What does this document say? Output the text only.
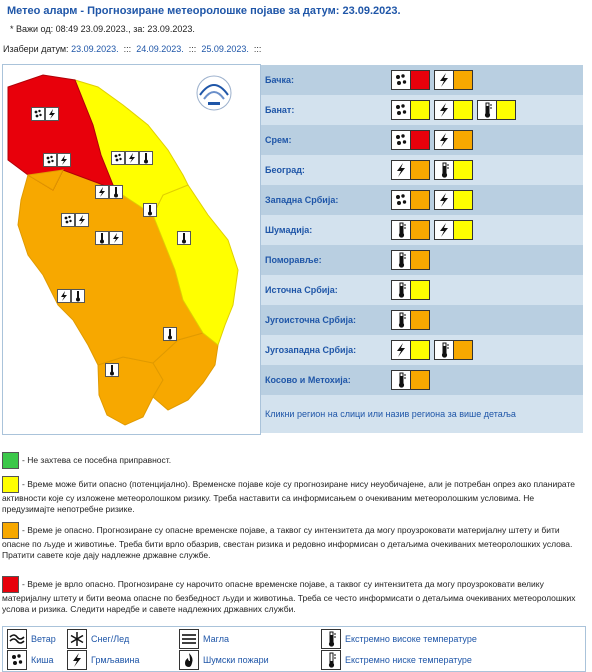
Метео аларм - Прогнозиране метеоролошке појаве за датум: 23.09.2023.
* Важи од: 08:49 23.09.2023., за: 23.09.2023.
Изабери датум: 23.09.2023. ::: 24.09.2023. ::: 25.09.2023. :::
Бачка:	

Банат:	

Срем:	

Београд:	

Западна Србија:	

Шумадија:	

Поморавље:	

Источна Србија:	

Југоисточна Србија:	

Југозападна Србија:	

Косово и Метохија:	

Кликни регион на слици или назив региона за више детаља	
- Не захтева се посебна приправност.
- Време може бити опасно (потенцијално). Временске појаве које су прогнозиране нису неуобичајене, али је потребан опрез ако планирате активности које су изложене метеоролошком ризику. Треба наставити са информисањем о очекиваним метеоролошким условима. Не предузимајте непотребне ризике.
- Време је опасно. Прогнозиране су опасне временске појаве, а таквог су интензитета да могу проузроковати материјалну штету и бити опасне по људе и животиње. Треба бити врло обазрив, свестан ризика и редовно информисан о детаљима очекиваних метеоролошких услова. Пратити савете које дају надлежне државне службе.
- Време је врло опасно. Прогнозиране су нарочито опасне временске појаве, а таквог су интензитета да могу проузроковати велику материјалну штету и бити веома опасне по безбедност људи и животиња. Треба се често информисати о детаљима очекиваних метеоролошких услова и ризика. Следити наредбе и савете надлежних државних служби.
Ветар	Снег/Лед	Магла	Екстремно високе температуре
Киша	Грмљавина	Шумски пожари	Екстремно ниске температуре
